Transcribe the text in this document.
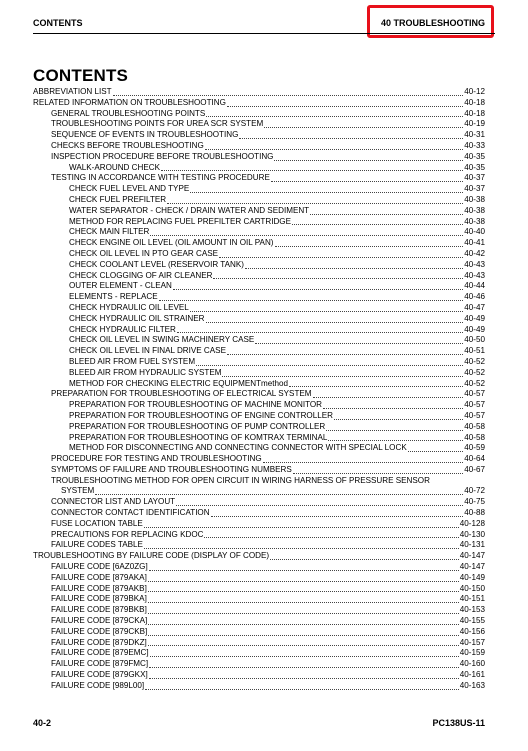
CONTENTS	40 TROUBLESHOOTING
CONTENTS
ABBREVIATION LIST	40-12
RELATED INFORMATION ON TROUBLESHOOTING	40-18
GENERAL TROUBLESHOOTING POINTS	40-18
TROUBLESHOOTING POINTS FOR UREA SCR SYSTEM	40-19
SEQUENCE OF EVENTS IN TROUBLESHOOTING	40-31
CHECKS BEFORE TROUBLESHOOTING	40-33
INSPECTION PROCEDURE BEFORE TROUBLESHOOTING	40-35
WALK-AROUND CHECK	40-35
TESTING IN ACCORDANCE WITH TESTING PROCEDURE	40-37
CHECK FUEL LEVEL AND TYPE	40-37
CHECK FUEL PREFILTER	40-38
WATER SEPARATOR - CHECK / DRAIN WATER AND SEDIMENT	40-38
METHOD FOR REPLACING FUEL PREFILTER CARTRIDGE	40-38
CHECK MAIN FILTER	40-40
CHECK ENGINE OIL LEVEL (OIL AMOUNT IN OIL PAN)	40-41
CHECK OIL LEVEL IN PTO GEAR CASE	40-42
CHECK COOLANT LEVEL (RESERVOIR TANK)	40-43
CHECK CLOGGING OF AIR CLEANER	40-43
OUTER ELEMENT - CLEAN	40-44
ELEMENTS - REPLACE	40-46
CHECK HYDRAULIC OIL LEVEL	40-47
CHECK HYDRAULIC OIL STRAINER	40-49
CHECK HYDRAULIC FILTER	40-49
CHECK OIL LEVEL IN SWING MACHINERY CASE	40-50
CHECK OIL LEVEL IN FINAL DRIVE CASE	40-51
BLEED AIR FROM FUEL SYSTEM	40-52
BLEED AIR FROM HYDRAULIC SYSTEM	40-52
METHOD FOR CHECKING ELECTRIC EQUIPMENTmethod	40-52
PREPARATION FOR TROUBLESHOOTING OF ELECTRICAL SYSTEM	40-57
PREPARATION FOR TROUBLESHOOTING OF MACHINE MONITOR	40-57
PREPARATION FOR TROUBLESHOOTING OF ENGINE CONTROLLER	40-57
PREPARATION FOR TROUBLESHOOTING OF PUMP CONTROLLER	40-58
PREPARATION FOR TROUBLESHOOTING OF KOMTRAX TERMINAL	40-58
METHOD FOR DISCONNECTING AND CONNECTING CONNECTOR WITH SPECIAL LOCK	40-59
PROCEDURE FOR TESTING AND TROUBLESHOOTING	40-64
SYMPTOMS OF FAILURE AND TROUBLESHOOTING NUMBERS	40-67
TROUBLESHOOTING METHOD FOR OPEN CIRCUIT IN WIRING HARNESS OF PRESSURE SENSOR
SYSTEM	40-72
CONNECTOR LIST AND LAYOUT	40-75
CONNECTOR CONTACT IDENTIFICATION	40-88
FUSE LOCATION TABLE	40-128
PRECAUTIONS FOR REPLACING KDOC	40-130
FAILURE CODES TABLE	40-131
TROUBLESHOOTING BY FAILURE CODE (DISPLAY OF CODE)	40-147
FAILURE CODE [6AZ0ZG]	40-147
FAILURE CODE [879AKA]	40-149
FAILURE CODE [879AKB]	40-150
FAILURE CODE [879BKA]	40-151
FAILURE CODE [879BKB]	40-153
FAILURE CODE [879CKA]	40-155
FAILURE CODE [879CKB]	40-156
FAILURE CODE [879DKZ]	40-157
FAILURE CODE [879EMC]	40-159
FAILURE CODE [879FMC]	40-160
FAILURE CODE [879GKX]	40-161
FAILURE CODE [989L00]	40-163
40-2	PC138US-11
